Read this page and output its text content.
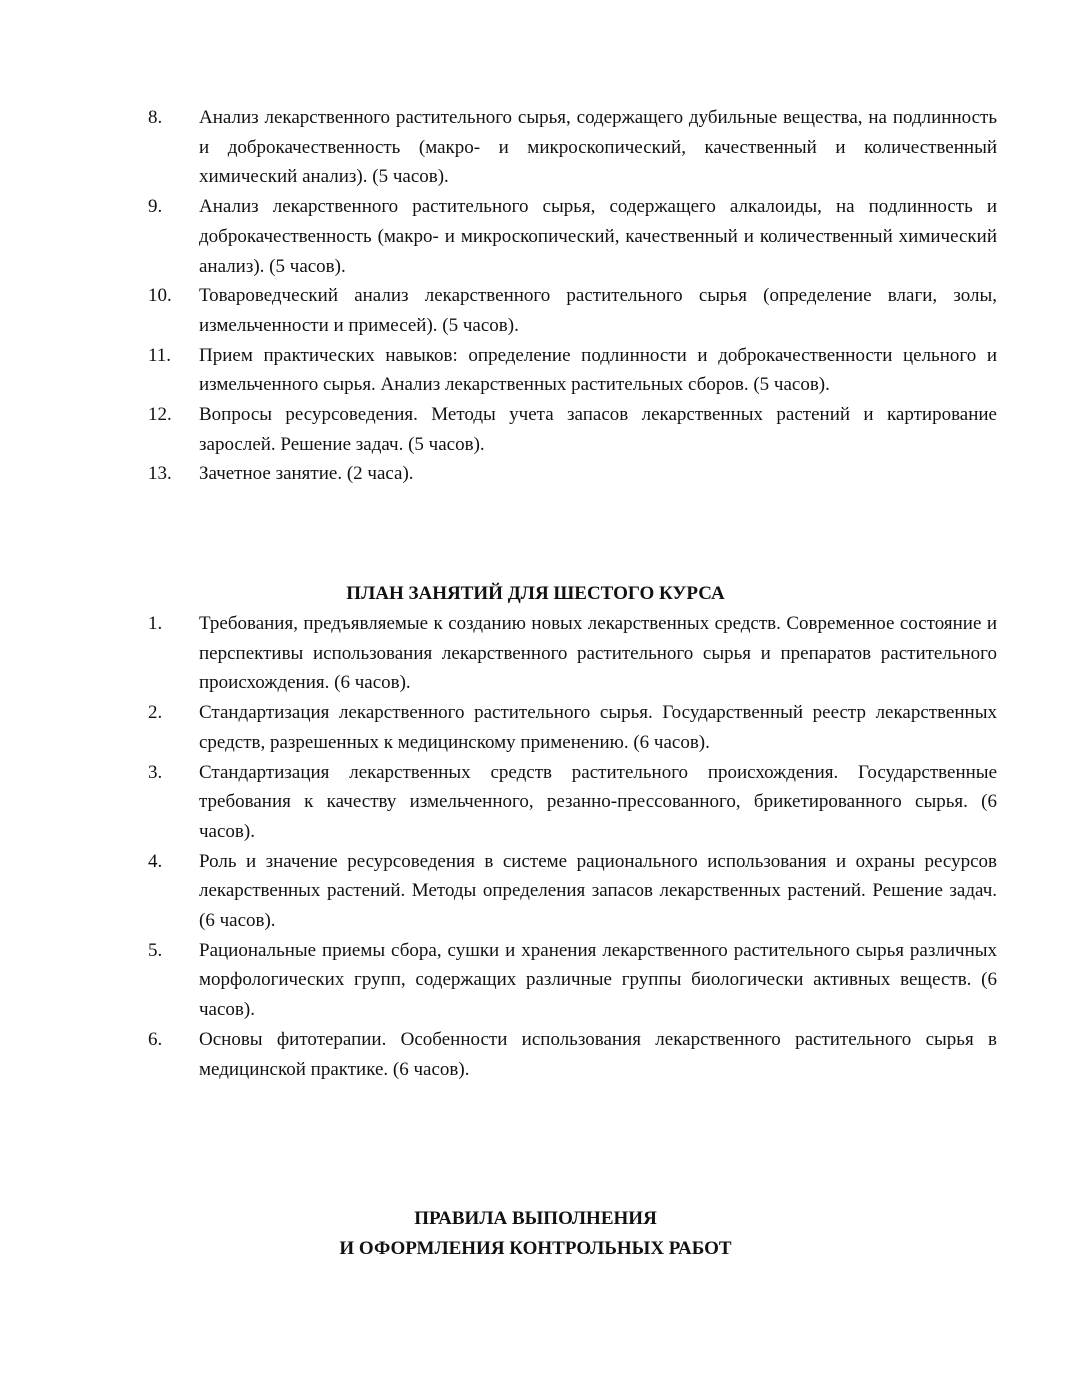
8.	Анализ лекарственного растительного сырья, содержащего дубильные вещества, на подлинность и доброкачественность (макро- и микроскопический, качественный и количественный химический анализ). (5 часов).
9.	Анализ лекарственного растительного сырья, содержащего алкалоиды, на подлинность и доброкачественность (макро- и микроскопический, качественный и количественный химический анализ). (5 часов).
10.	Товароведческий анализ лекарственного растительного сырья (определение влаги, золы, измельченности и примесей). (5 часов).
11.	Прием практических навыков: определение подлинности и доброкачественности цельного и измельченного сырья. Анализ лекарственных растительных сборов. (5 часов).
12.	Вопросы ресурсоведения. Методы учета запасов лекарственных растений и картирование зарослей. Решение задач. (5 часов).
13.	Зачетное занятие. (2 часа).
ПЛАН ЗАНЯТИЙ ДЛЯ ШЕСТОГО КУРСА
1.	Требования, предъявляемые к созданию новых лекарственных средств. Современное состояние и перспективы использования лекарственного растительного сырья и препаратов растительного происхождения. (6 часов).
2.	Стандартизация лекарственного растительного сырья. Государственный реестр лекарственных средств, разрешенных к медицинскому применению. (6 часов).
3.	Стандартизация лекарственных средств растительного происхождения. Государственные требования к качеству измельченного, резанно-прессованного, брикетированного сырья. (6 часов).
4.	Роль и значение ресурсоведения в системе рационального использования и охраны ресурсов лекарственных растений. Методы определения запасов лекарственных растений. Решение задач. (6 часов).
5.	Рациональные приемы сбора, сушки и хранения лекарственного растительного сырья различных морфологических групп, содержащих различные группы биологически активных веществ. (6 часов).
6.	Основы фитотерапии. Особенности использования лекарственного растительного сырья в медицинской практике. (6 часов).
ПРАВИЛА ВЫПОЛНЕНИЯ
И ОФОРМЛЕНИЯ КОНТРОЛЬНЫХ РАБОТ
